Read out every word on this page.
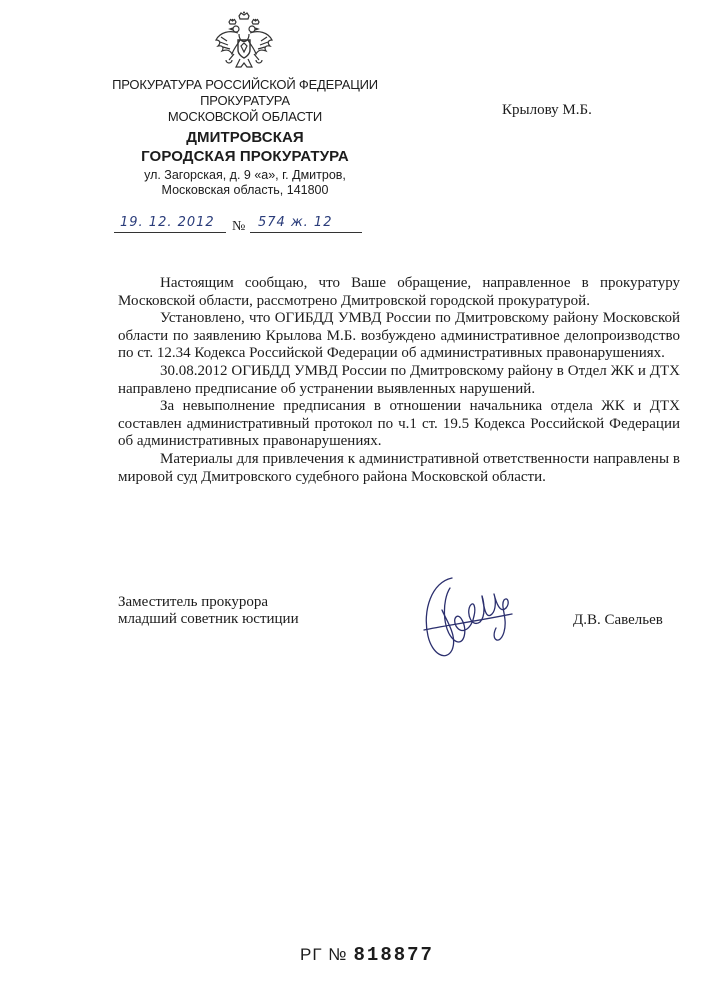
ПРОКУРАТУРА РОССИЙСКОЙ ФЕДЕРАЦИИ
ПРОКУРАТУРА
МОСКОВСКОЙ ОБЛАСТИ
ДМИТРОВСКАЯ
ГОРОДСКАЯ ПРОКУРАТУРА
ул. Загорская, д. 9 «а», г. Дмитров,
Московская область, 141800
Крылову М.Б.
19. 12. 2012 № 574 ж. 12

Настоящим сообщаю, что Ваше обращение, направленное в прокуратуру Московской области, рассмотрено Дмитровской городской прокуратурой.

Установлено, что ОГИБДД УМВД России по Дмитровскому району Московской области по заявлению Крылова М.Б. возбуждено административное делопроизводство по ст. 12.34 Кодекса Российской Федерации об административных правонарушениях.

30.08.2012 ОГИБДД УМВД России по Дмитровскому району в Отдел ЖК и ДТХ направлено предписание об устранении выявленных нарушений.

За невыполнение предписания в отношении начальника отдела ЖК и ДТХ составлен административный протокол по ч.1 ст. 19.5 Кодекса Российской Федерации об административных правонарушениях.

Материалы для привлечения к административной ответственности направлены в мировой суд Дмитровского судебного района Московской области.

Заместитель прокурора
младший советник юстиции	Д.В. Савельев
РГ № 818877
